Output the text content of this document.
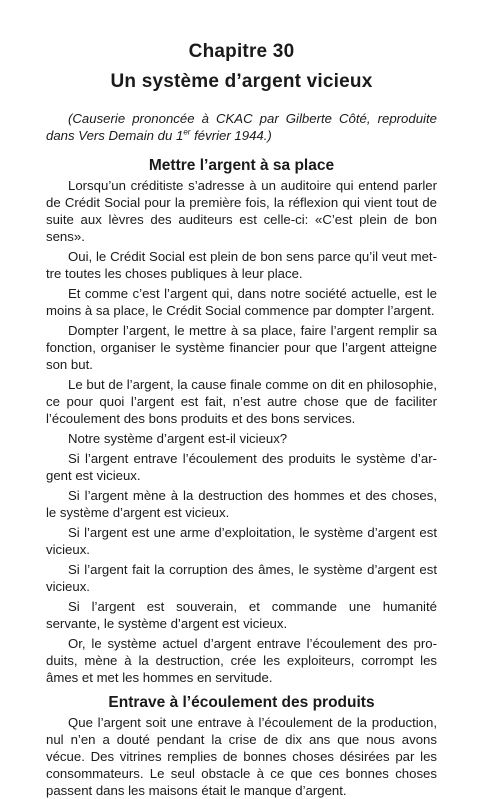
Chapitre 30
Un système d’argent vicieux

(Causerie prononcée à CKAC par Gilberte Côté, reproduite dans Vers Demain du 1er février 1944.)

Mettre l’argent à sa place

Lorsqu’un créditiste s’adresse à un auditoire qui entend parler de Crédit Social pour la première fois, la réflexion qui vient tout de suite aux lèvres des auditeurs est celle-ci: «C’est plein de bon sens».

Oui, le Crédit Social est plein de bon sens parce qu’il veut mettre toutes les choses publiques à leur place.

Et comme c’est l’argent qui, dans notre société actuelle, est le moins à sa place, le Crédit Social commence par dompter l’argent.

Dompter l’argent, le mettre à sa place, faire l’argent remplir sa fonction, organiser le système financier pour que l’argent atteigne son but.

Le but de l’argent, la cause finale comme on dit en philosophie, ce pour quoi l’argent est fait, n’est autre chose que de faciliter l’écoulement des bons produits et des bons services.

Notre système d’argent est-il vicieux?

Si l’argent entrave l’écoulement des produits le système d’argent est vicieux.

Si l’argent mène à la destruction des hommes et des choses, le système d’argent est vicieux.

Si l’argent est une arme d’exploitation, le système d’argent est vicieux.

Si l’argent fait la corruption des âmes, le système d’argent est vicieux.

Si l’argent est souverain, et commande une humanité servante, le système d’argent est vicieux.

Or, le système actuel d’argent entrave l’écoulement des produits, mène à la destruction, crée les exploiteurs, corrompt les âmes et met les hommes en servitude.

Entrave à l’écoulement des produits

Que l’argent soit une entrave à l’écoulement de la production, nul n’en a douté pendant la crise de dix ans que nous avons vécue. Des vitrines remplies de bonnes choses désirées par les consommateurs. Le seul obstacle à ce que ces bonnes choses passent dans les maisons était le manque d’argent.
